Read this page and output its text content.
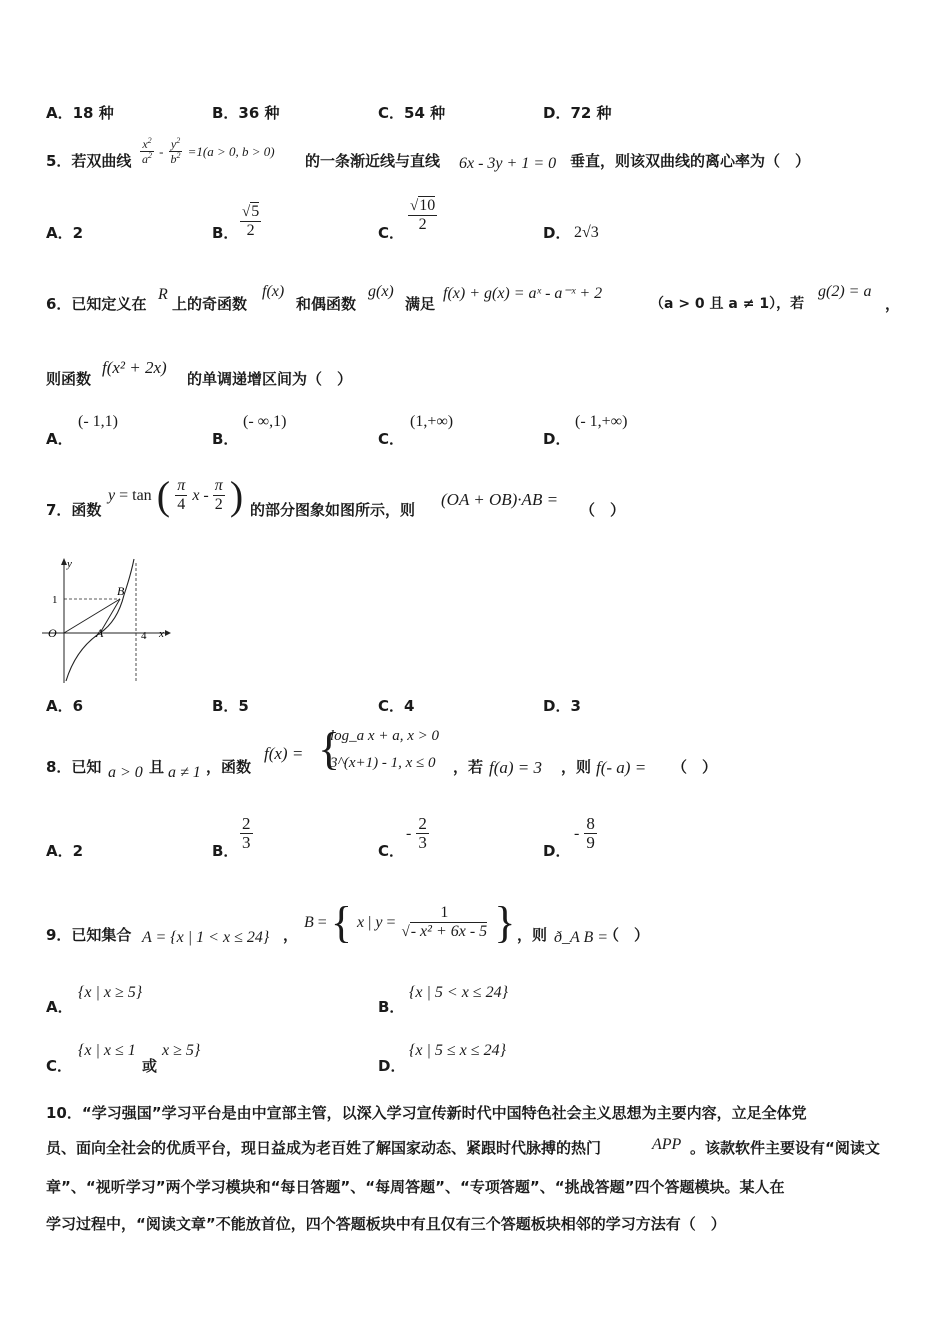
A．18 种	B．36 种	C．54 种	D．72 种
5．若双曲线 $\frac{x^2}{a^2} - \frac{y^2}{b^2} =1(a > 0$, b > 0)
的一条渐近线与直线 6x - 3y + 1 = 0 垂直，则该双曲线的离心率为（　）
A．2	B． $\frac{√5}{2}$	C． $\frac{√10}{2}$	D． 2√3
6．已知定义在
R
上的奇函数
f(x)
和偶函数
g(x)
满足
f(x) + g(x) = aˣ - a⁻ˣ + 2
（a > 0 且 a ≠ 1），若
g(2) = a
，
则函数
f(x² + 2x)
的单调递增区间为（　）
A．
(- 1,1)
B．
(- ∞,1)
C．
(1,+∞)
D．
(- 1,+∞)
7．函数
y = tan ( $\frac{\pi}{4}$ x - $\frac{\pi}{2}$ ) 的部分图象如图所示，则
(OA + OB)·AB =
（　）
y
1
O	A
B
4 x
A．6	B．5	C．4	D．3
8．已知 a > 0 且 a ≠ 1 ，函数
f(x) = {
log_a x + a, x > 0
3^(x+1) - 1, x ≤ 0 ，若 f(a) = 3 ，则 f(- a) = （　）
A．2	B． $\frac{2}{3}$	C．
- $\frac{2}{3}$	D．
- $\frac{8}{9}$
9．已知集合 A = {x | 1 < x ≤ 24} ，
B = { x | $y = \frac{1}{\text{√- x² + 6x - 5}}$ } ，则 ð_A B =
（　）
A．
{x | x ≥ 5}
B．
{x | 5 < x ≤ 24}
C．
{x | x ≤ 1
或
x ≥ 5}
D．
{x | 5 ≤ x ≤ 24}
10．“学习强国”学习平台是由中宣部主管，以深入学习宣传新时代中国特色社会主义思想为主要内容，立足全体党
员、面向全社会的优质平台，现日益成为老百姓了解国家动态、紧跟时代脉搏的热门	APP 。该款软件主要设有“阅读文
章”、“视听学习”两个学习模块和“每日答题”、“每周答题”、“专项答题”、“挑战答题”四个答题模块。某人在
学习过程中，“阅读文章”不能放首位，四个答题板块中有且仅有三个答题板块相邻的学习方法有（　）
